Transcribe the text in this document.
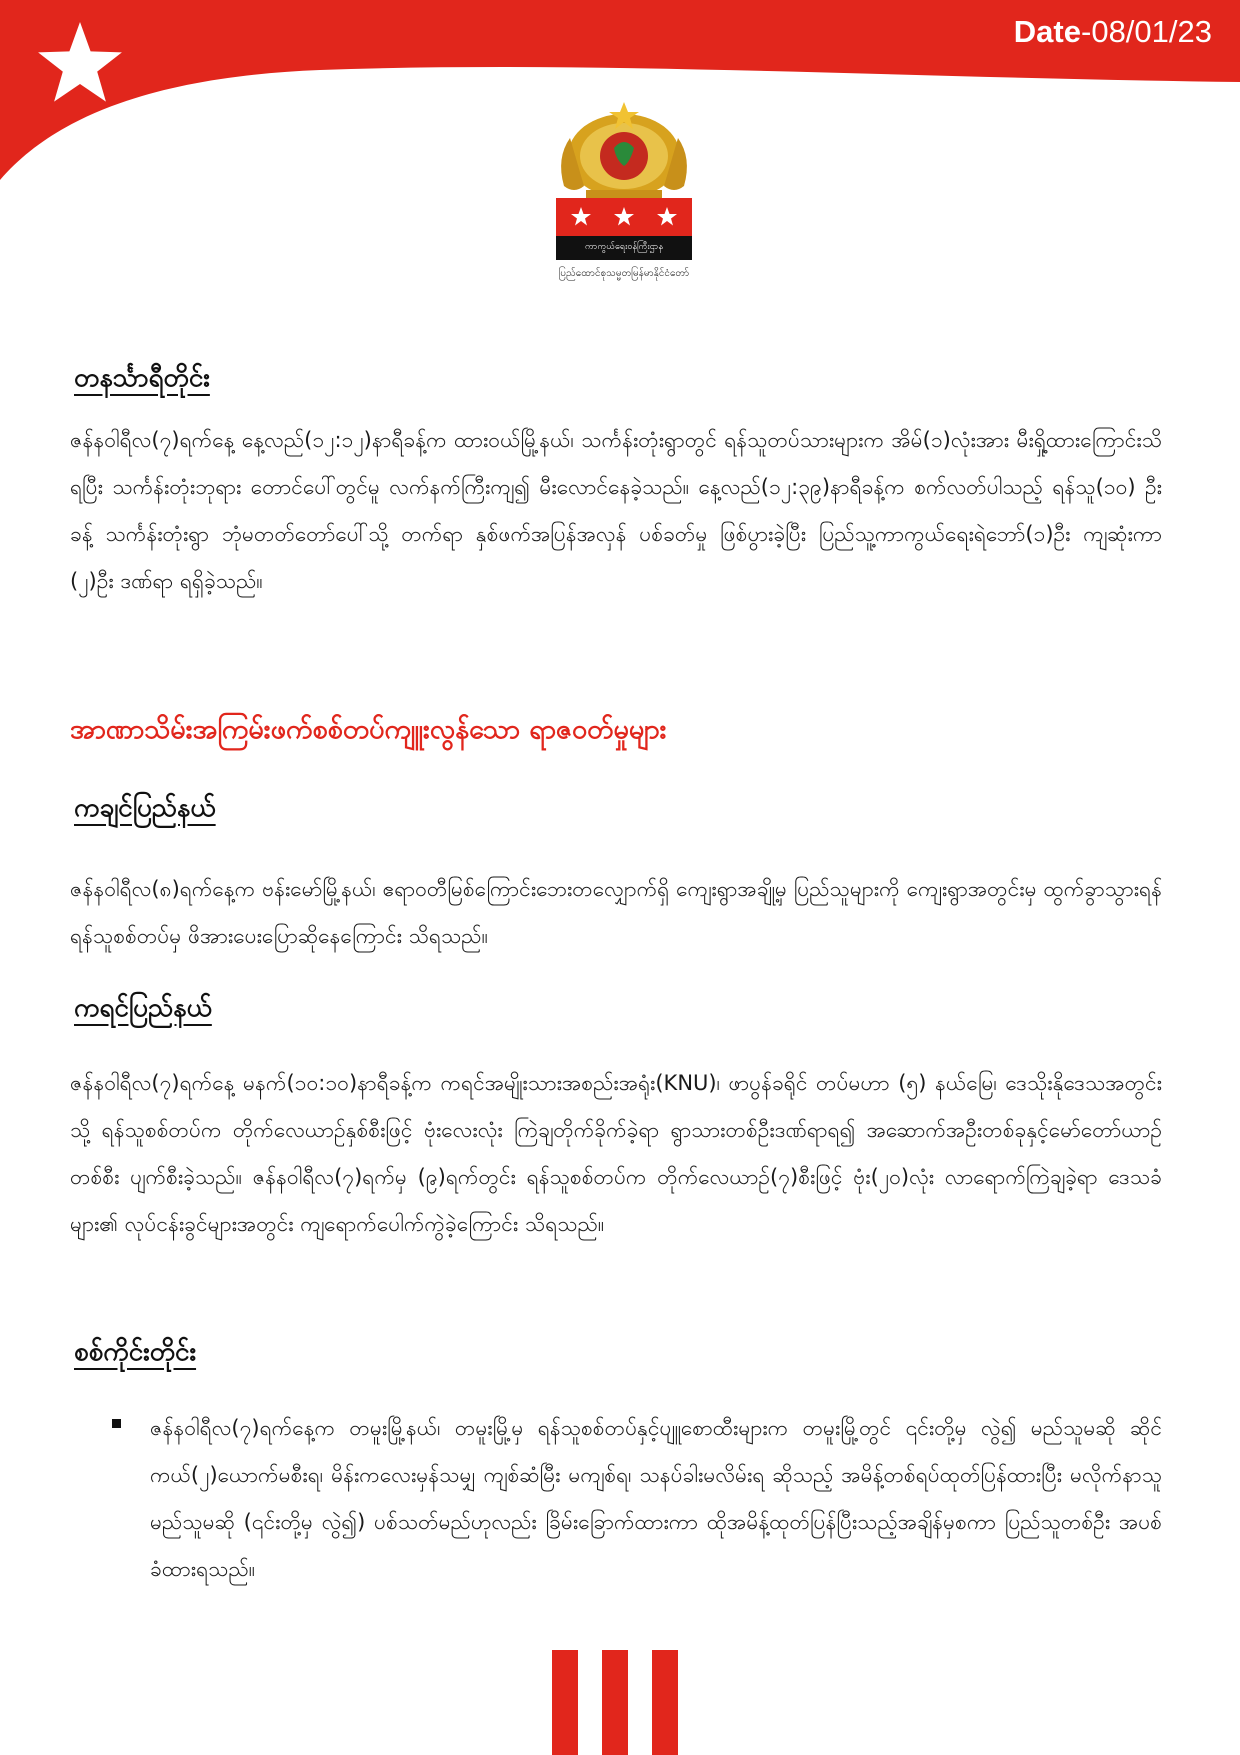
Date-08/01/23
ကာကွယ်ရေးဝန်ကြီးဌာန
ပြည်ထောင်စုသမ္မတမြန်မာနိုင်ငံတော်
တနင်္သာရီတိုင်း
ဇန်နဝါရီလ(၇)ရက်နေ့ နေ့လည်(၁၂:၁၂)နာရီခန့်က ထားဝယ်မြို့နယ်၊ သင်္ကန်းတုံးရွာတွင် ရန်သူတပ်သားများက အိမ်(၁)လုံးအား မီးရှို့ထားကြောင်းသိရပြီး သင်္ကန်းတုံးဘုရား တောင်ပေါ်တွင်မူ လက်နက်ကြီးကျ၍ မီးလောင်နေခဲ့သည်။ နေ့လည်(၁၂:၃၉)နာရီခန့်က စက်လတ်ပါသည့် ရန်သူ(၁၀) ဦးခန့် သင်္ကန်းတုံးရွာ ဘုံမတတ်တော်ပေါ်သို့ တက်ရာ နှစ်ဖက်အပြန်အလှန် ပစ်ခတ်မှု ဖြစ်ပွားခဲ့ပြီး ပြည်သူ့ကာကွယ်ရေးရဲဘော်(၁)ဦး ကျဆုံးကာ (၂)ဦး ဒဏ်ရာ ရရှိခဲ့သည်။
အာဏာသိမ်းအကြမ်းဖက်စစ်တပ်ကျူးလွန်သော ရာဇဝတ်မှုများ
ကချင်ပြည်နယ်
ဇန်နဝါရီလ(၈)ရက်နေ့က ဗန်းမော်မြို့နယ်၊ ဧရာဝတီမြစ်ကြောင်းဘေးတလျှောက်ရှိ ကျေးရွာအချို့မှ ပြည်သူများကို ကျေးရွာအတွင်းမှ ထွက်ခွာသွားရန် ရန်သူစစ်တပ်မှ ဖိအားပေးပြောဆိုနေကြောင်း သိရသည်။
ကရင်ပြည်နယ်
ဇန်နဝါရီလ(၇)ရက်နေ့ မနက်(၁၀:၁၀)နာရီခန့်က ကရင်အမျိုးသားအစည်းအရုံး(KNU)၊ ဖာပွန်ခရိုင် တပ်မဟာ (၅) နယ်မြေ၊ ဒေသိုးနိုဒေသအတွင်းသို့ ရန်သူစစ်တပ်က တိုက်လေယာဉ်နှစ်စီးဖြင့် ဗုံးလေးလုံး ကြဲချတိုက်ခိုက်ခဲ့ရာ ရွာသားတစ်ဦးဒဏ်ရာရ၍ အဆောက်အဦးတစ်ခုနှင့်မော်တော်ယာဉ်တစ်စီး ပျက်စီးခဲ့သည်။ ဇန်နဝါရီလ(၇)ရက်မှ (၉)ရက်တွင်း ရန်သူစစ်တပ်က တိုက်လေယာဉ်(၇)စီးဖြင့် ဗုံး(၂၀)လုံး လာရောက်ကြဲချခဲ့ရာ ဒေသခံများ၏ လုပ်ငန်းခွင်များအတွင်း ကျရောက်ပေါက်ကွဲခဲ့ကြောင်း သိရသည်။
စစ်ကိုင်းတိုင်း
ဇန်နဝါရီလ(၇)ရက်နေ့က တမူးမြို့နယ်၊ တမူးမြို့မှ ရန်သူစစ်တပ်နှင့်ပျူစောထီးများက တမူးမြို့တွင် ၎င်းတို့မှ လွဲ၍ မည်သူမဆို ဆိုင်ကယ်(၂)ယောက်မစီးရ၊ မိန်းကလေးမှန်သမျှ ကျစ်ဆံမြီး မကျစ်ရ၊ သနပ်ခါးမလိမ်းရ ဆိုသည့် အမိန့်တစ်ရပ်ထုတ်ပြန်ထားပြီး မလိုက်နာသူမည်သူမဆို (၎င်းတို့မှ လွဲ၍) ပစ်သတ်မည်ဟုလည်း ခြိမ်းခြောက်ထားကာ ထိုအမိန့်ထုတ်ပြန်ပြီးသည့်အချိန်မှစကာ ပြည်သူတစ်ဦး အပစ်ခံထားရသည်။
